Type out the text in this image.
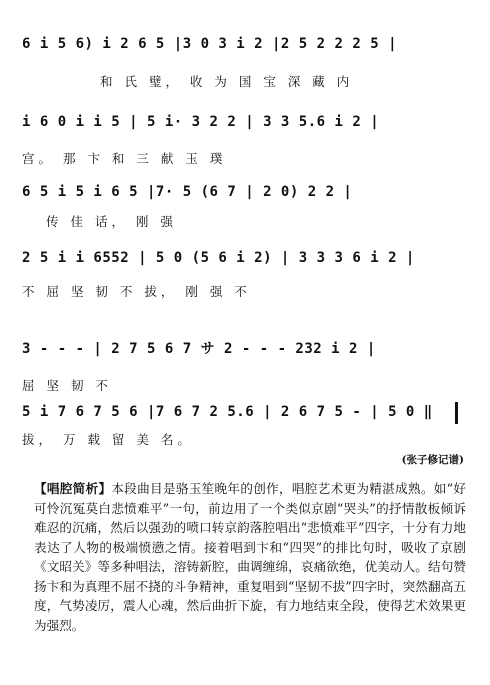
6 i 5 6) i 2 6 5 |3 0 3 i 2 |2 5 2 2 2 5 |
和 氏 璧， 收 为 国 宝 深 藏 内
i 6 0 i i 5 | 5 i· 3 2 2 | 3 3 5.6 i 2 |
宫。 那 卞 和 三 献 玉 璞
6 5 i 5 i 6 5 |7· 5 (6 7 | 2 0) 2 2 |
传 佳 话， 刚 强
2 5 i i 6552 | 5 0 (5 6 i 2) | 3 3 3 6 i 2 |
不 屈 坚 韧 不 拔， 刚 强 不
3 - - - | 2 7 5 6 7 サ 2 - - - 232 i 2 |
屈 坚 韧 不
5 i 7 6 7 5 6 |7 6 7 2 5.6 | 2 6 7 5 - | 5 0 ‖
拔， 万 载 留 美 名。
(张子修记谱)
【唱腔简析】本段曲目是骆玉笙晚年的创作，唱腔艺术更为精湛成熟。如“好可怜沉冤莫白悲愤难平”一句，前边用了一个类似京剧“哭头”的抒情散板倾诉难忍的沉痛，然后以强劲的喷口转京韵落腔唱出“悲愤难平”四字，十分有力地表达了人物的极端愤懑之情。接着唱到卞和“四哭”的排比句时，吸收了京剧《文昭关》等多种唱法，溶铸新腔，曲调缠绵，哀痛欲绝，优美动人。结句赞扬卞和为真理不屈不挠的斗争精神，重复唱到“坚韧不拔”四字时，突然翻高五度，气势凌厉，震人心魂，然后曲折下旋，有力地结束全段，使得艺术效果更为强烈。
